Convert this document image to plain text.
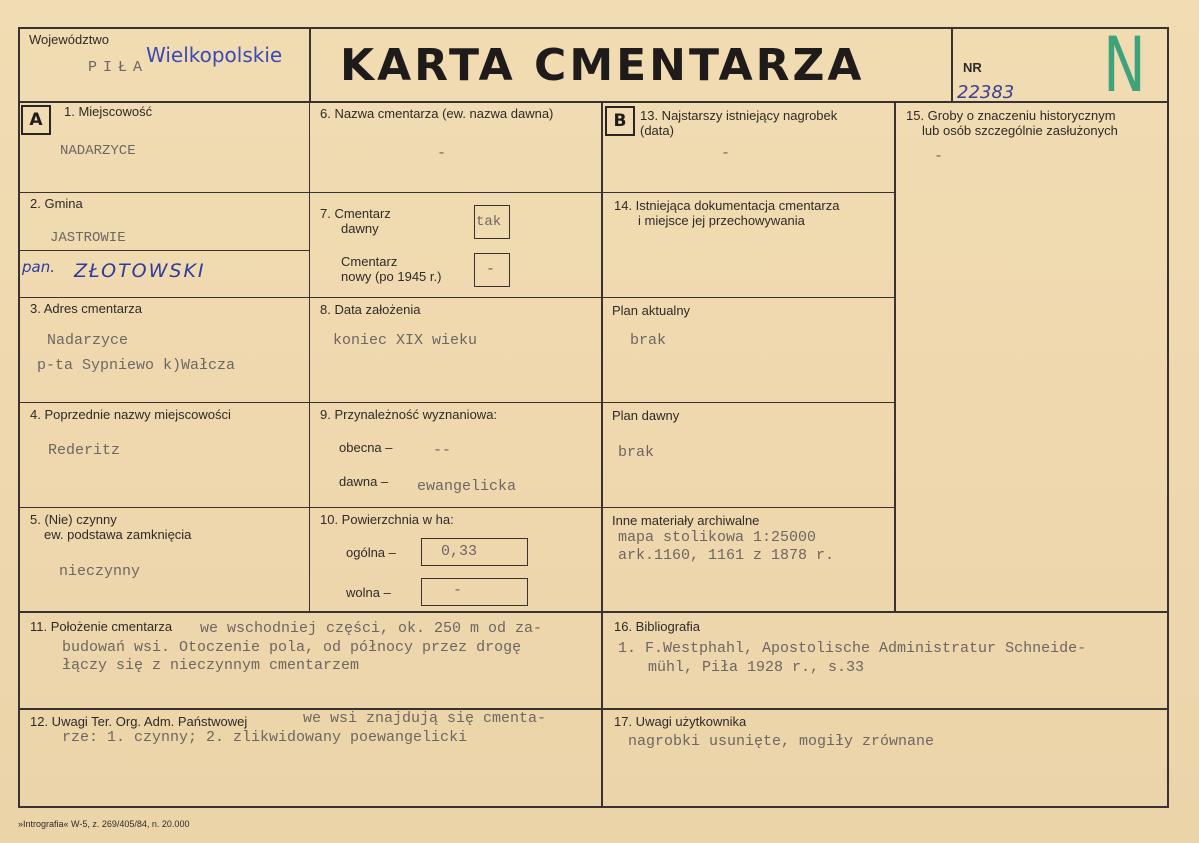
Województwo
PIŁA
Wielkopolskie KARTA CMENTARZA	NR
22383 N
A	B
1. Miejscowość
NADARZYCE
2. Gmina
JASTROWIE
pan. ZŁOTOWSKI
3. Adres cmentarza
Nadarzyce
p-ta Sypniewo k)Wałcza
4. Poprzednie nazwy miejscowości
Rederitz
5. (Nie) czynny
ew. podstawa zamknięcia
nieczynny
6. Nazwa cmentarza (ew. nazwa dawna)
-
7. Cmentarz
dawny	tak
Cmentarz
nowy (po 1945 r.)	-
8. Data założenia
koniec XIX wieku
9. Przynależność wyznaniowa:
obecna –	--
dawna – ewangelicka
10. Powierzchnia w ha:
ogólna –	0,33
wolna –	-
13. Najstarszy istniejący nagrobek
(data)
-
14. Istniejąca dokumentacja cmentarza
i miejsce jej przechowywania
Plan aktualny
brak
Plan dawny
brak
Inne materiały archiwalne
mapa stolikowa 1:25000
ark.1160, 1161 z 1878 r.
15. Groby o znaczeniu historycznym
lub osób szczególnie zasłużonych
-
11. Położenie cmentarza we wschodniej części, ok. 250 m od za-
budowań wsi. Otoczenie pola, od północy przez drogę
łączy się z nieczynnym cmentarzem
16. Bibliografia
1. F.Westphahl, Apostolische Administratur Schneide-
mühl, Piła 1928 r., s.33
12. Uwagi Ter. Org. Adm. Państwowej	we wsi znajdują się cmenta-
rze: 1. czynny; 2. zlikwidowany poewangelicki
17. Uwagi użytkownika
nagrobki usunięte, mogiły zrównane
»Intrografia« W-5, z. 269/405/84, n. 20.000
